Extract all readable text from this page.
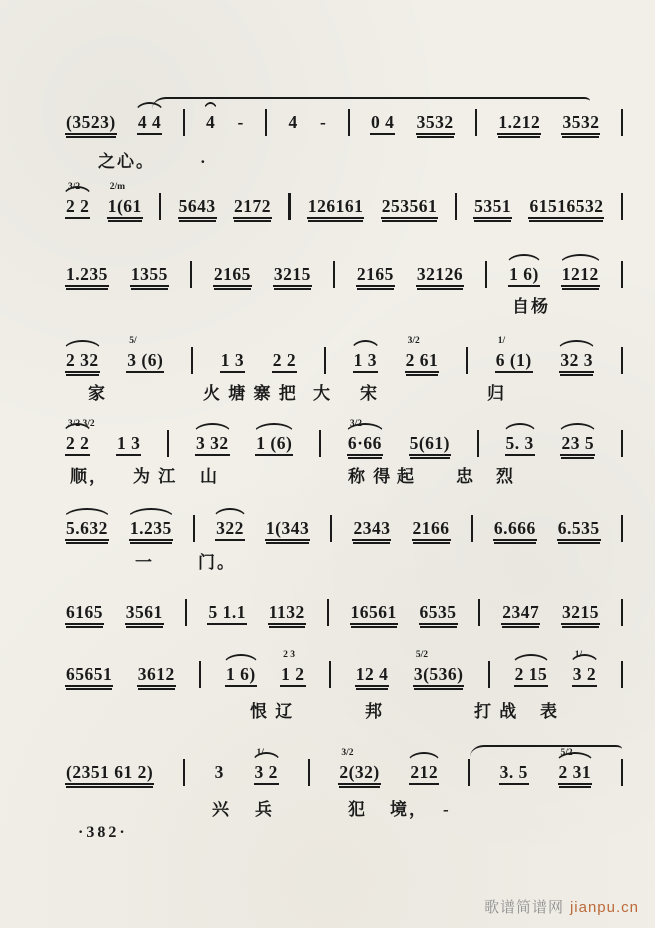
(3523) 4 4	4 -	4 -	0 4 3532	1.212 3532
之心。	·
2 2
3/2
1(61
2/m
5643 2172 126161 253561 5351 61516532
1.235 1355	2165 3215	2165 32126	1 6) 1212
自杨
2 32 3 (6)
5/
1 3 2 2	1 3 2 61
3/2
6 (1)
1/
32 3
家	火 塘 寨 把 大 宋	归
2 2
3/2 3/2
1 3	3 32 1 (6)	6·66
3/2
5(61)	5. 3 23 5
顺， 为 江 山	称 得 起 忠 烈
5.632 1.235	322 1(343	2343 2166	6.666 6.535
一	门。
6165 3561	5 1.1 1132	16561 6535	2347 3215
65651 3612	1 6) 1 2
2 3
12 4 3(536)
5/2
2 15 3 2
1/
恨 辽	邦	打 战 表
(2351 61 2)	3 3 2
1/
2(32)
3/2
212	3. 5 2 31
5/2
兴 兵	犯 境， -
·382·
歌谱简谱网 jianpu.cn
